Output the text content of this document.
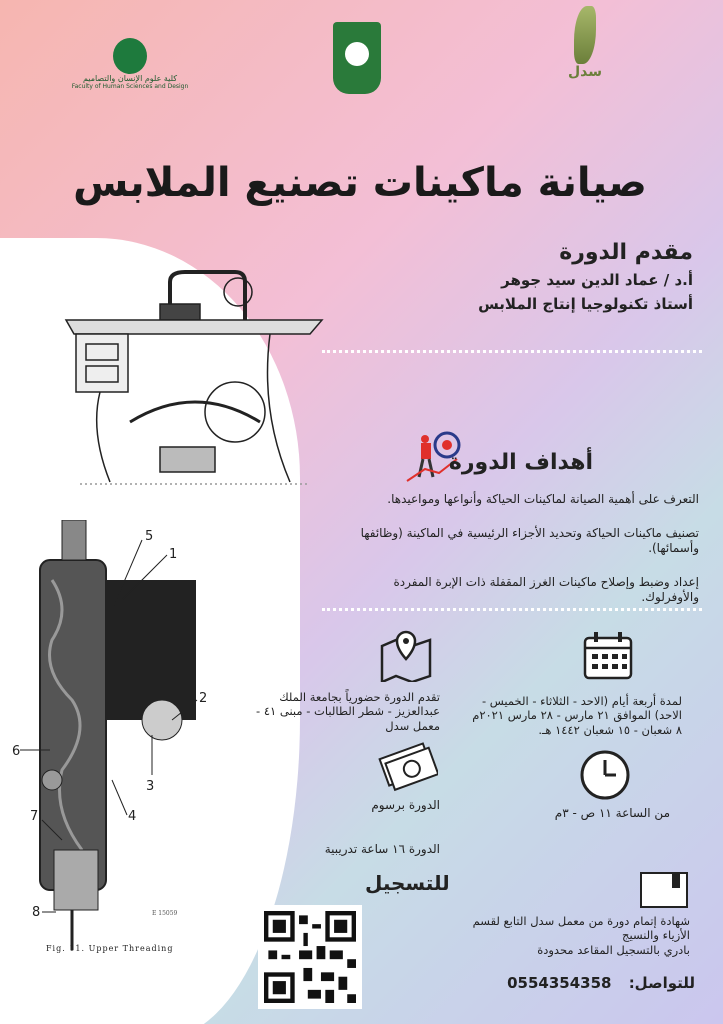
كلية علوم الإنسان والتصاميم
Faculty of Human Sciences and Design
سدل
صيانة ماكينات تصنيع الملابس
مقدم الدورة
أ.د / عماد الدين سيد جوهر
أستاذ تكنولوجيا إنتاج الملابس
أهداف الدورة
التعرف على أهمية الصيانة لماكينات الحياكة وأنواعها ومواعيدها.
تصنيف ماكينات الحياكة وتحديد الأجزاء الرئيسية في الماكينة (وظائفها وأسمائها).
إعداد وضبط وإصلاح ماكينات الغرز المقفلة ذات الإبرة المفردة والأوفرلوك.
5
1
2
3
4
6
7
8	E 15059
Fig. 11. Upper Threading
تقدم الدورة حضورياً بجامعة الملك عبدالعزيز - شطر الطالبات - مبنى ٤١ - معمل سدل
لمدة أربعة أيام (الاحد - الثلاثاء - الخميس - الاحد) الموافق ٢١ مارس - ٢٨ مارس ٢٠٢١م ٨ شعبان - ١٥ شعبان ١٤٤٢ هـ.
الدورة برسوم
من الساعة ١١ ص - ٣م
الدورة ١٦ ساعة تدريبية
للتسجيل
شهادة إتمام دورة من معمل سدل التابع لقسم الأزياء والنسيج
بادري بالتسجيل المقاعد محدودة
للتواصل: 0554354358
